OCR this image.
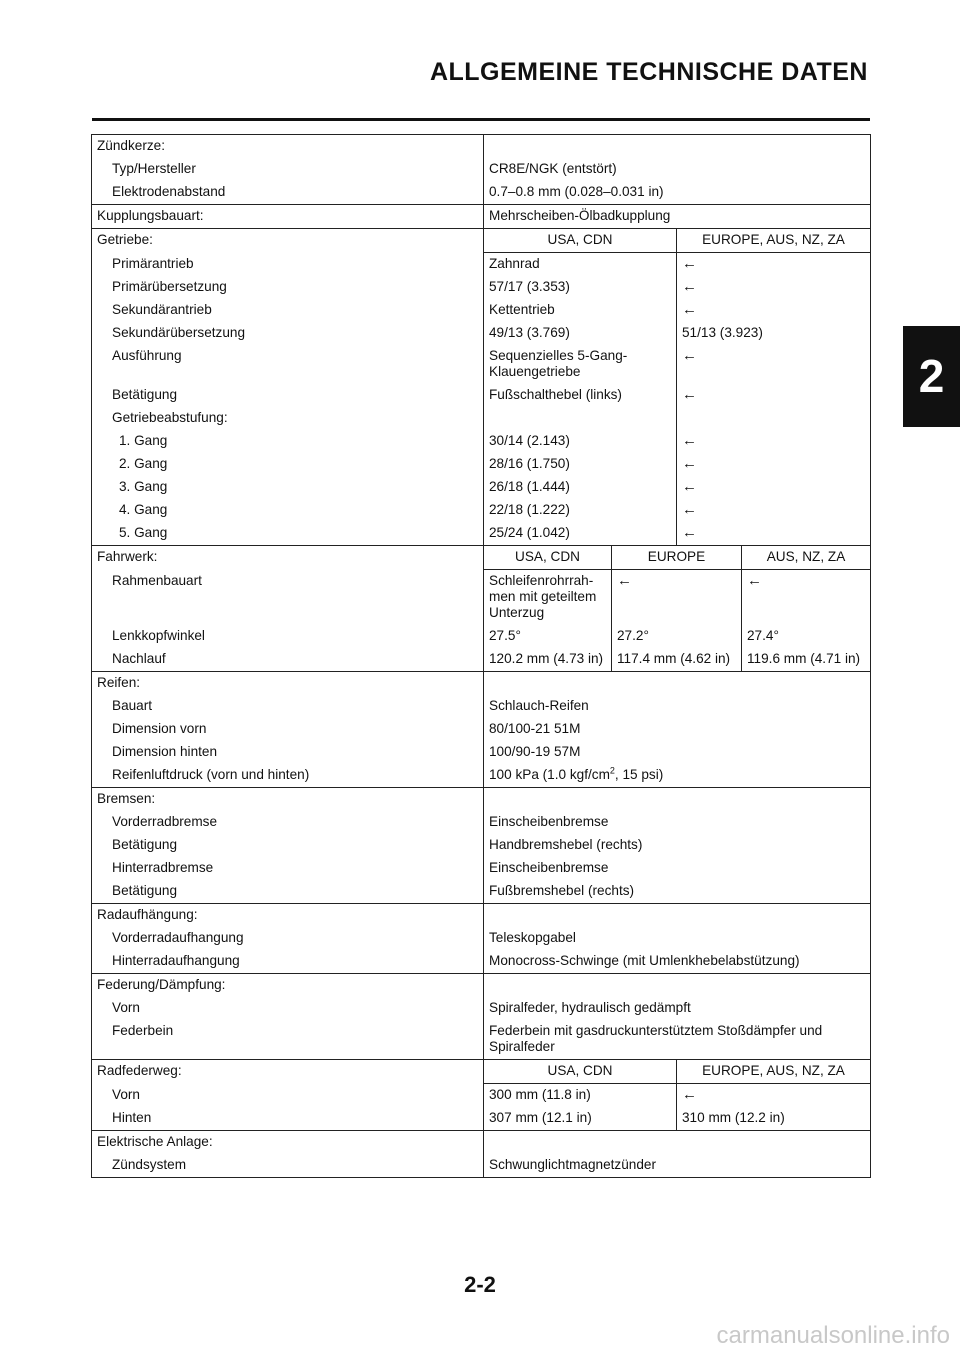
ALLGEMEINE TECHNISCHE DATEN
2
Zündkerze:				
Typ/Hersteller	CR8E/NGK (entstört)			
Elektrodenabstand	0.7–0.8 mm (0.028–0.031 in)			
Kupplungsbauart:	Mehrscheiben-Ölbadkupplung			
Getriebe:	USA, CDN		EUROPE, AUS, NZ, ZA	
Primärantrieb	Zahnrad		←	
Primärübersetzung	57/17 (3.353)		←	
Sekundärantrieb	Kettentrieb		←	
Sekundärübersetzung	49/13 (3.769)		51/13 (3.923)	
Ausführung	Sequenzielles 5-Gang-Klauengetriebe		←	
Betätigung	Fußschalthebel (links)		←	
Getriebeabstufung:				
1. Gang	30/14 (2.143)		←	
2. Gang	28/16 (1.750)		←	
3. Gang	26/18 (1.444)		←	
4. Gang	22/18 (1.222)		←	
5. Gang	25/24 (1.042)		←	
Fahrwerk:	USA, CDN	EUROPE		AUS, NZ, ZA
Rahmenbauart	Schleifenrohrrah-men mit geteiltem Unterzug	←		←
Lenkkopfwinkel	27.5°	27.2°		27.4°
Nachlauf	120.2 mm (4.73 in)	117.4 mm (4.62 in)		119.6 mm (4.71 in)
Reifen:				
Bauart	Schlauch-Reifen			
Dimension vorn	80/100-21 51M			
Dimension hinten	100/90-19 57M			
Reifenluftdruck (vorn und hinten)	100 kPa (1.0 kgf/$cm^2$, 15 psi)			
Bremsen:				
Vorderradbremse	Einscheibenbremse			
Betätigung	Handbremshebel (rechts)			
Hinterradbremse	Einscheibenbremse			
Betätigung	Fußbremshebel (rechts)			
Radaufhängung:				
Vorderradaufhangung	Teleskopgabel			
Hinterradaufhangung	Monocross-Schwinge (mit Umlenkhebelabstützung)			
Federung/Dämpfung:				
Vorn	Spiralfeder, hydraulisch gedämpft			
Federbein	Federbein mit gasdruckunterstütztem Stoßdämpfer und Spiralfeder			
Radfederweg:	USA, CDN		EUROPE, AUS, NZ, ZA	
Vorn	300 mm (11.8 in)		←	
Hinten	307 mm (12.1 in)		310 mm (12.2 in)	
Elektrische Anlage:				
Zündsystem	Schwunglichtmagnetzünder			
2-2
carmanualsonline.info
